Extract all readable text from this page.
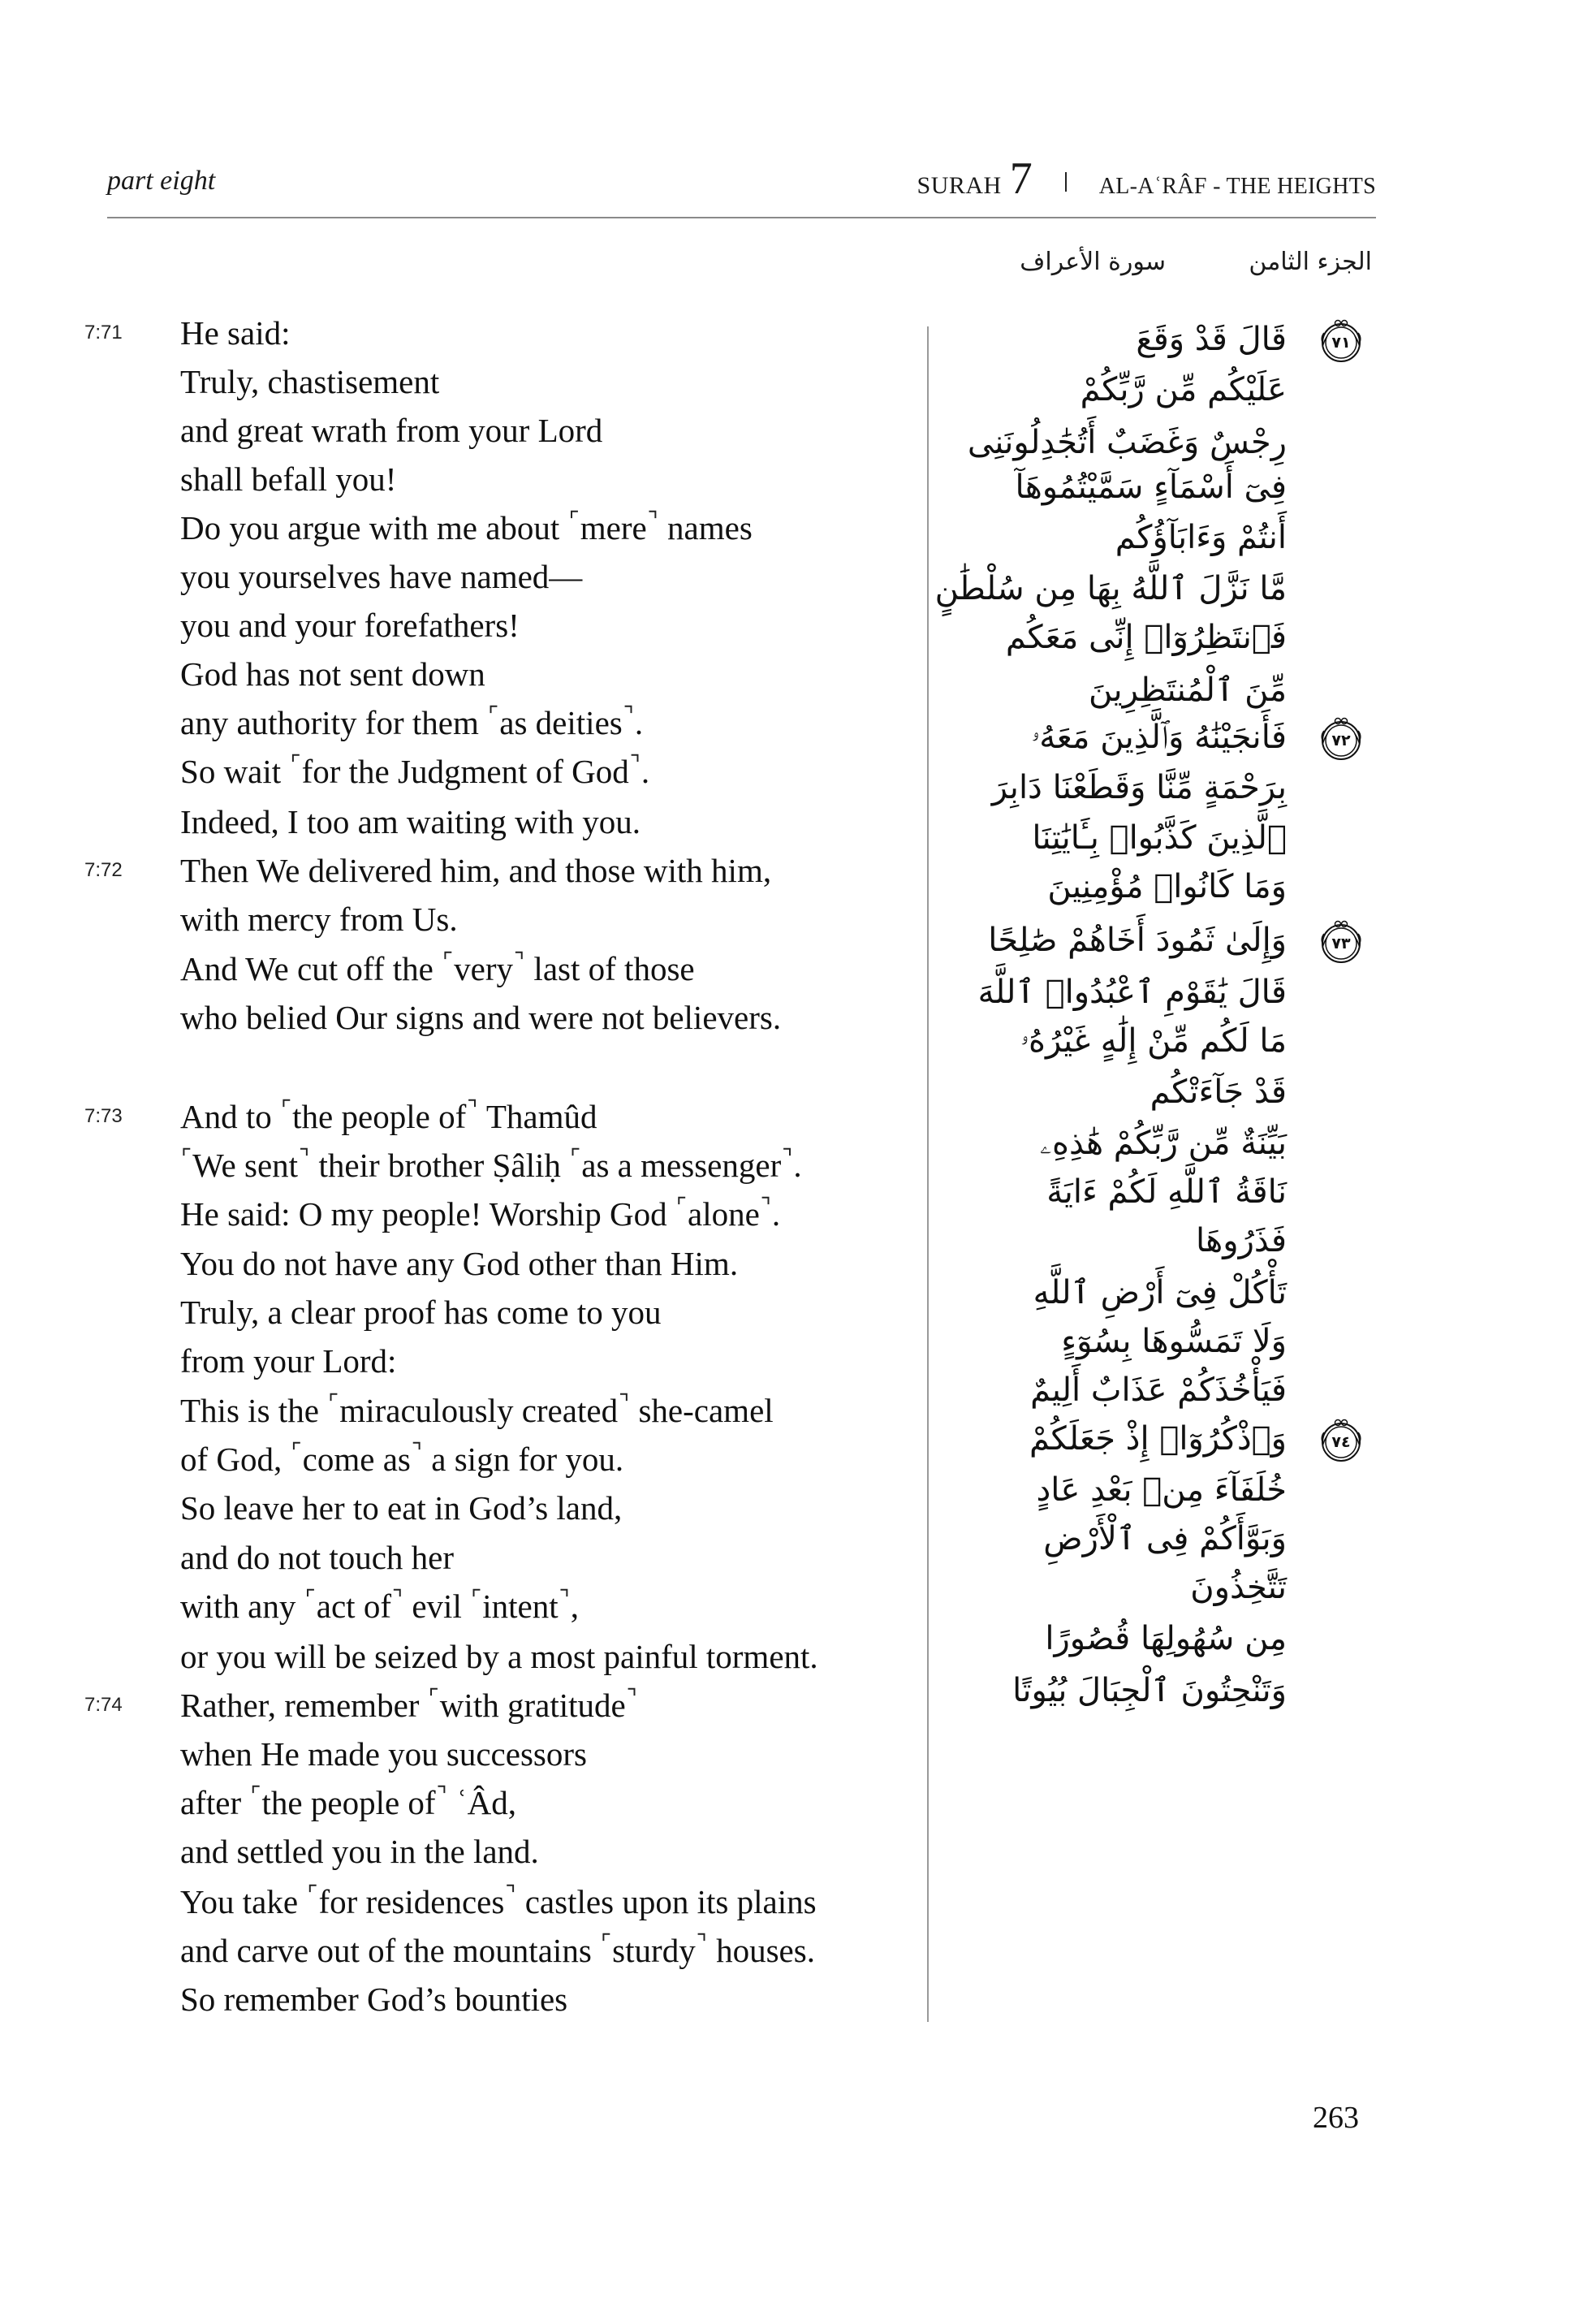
part eight	SURAH 7	AL-AʿRÂF - THE HEIGHTS
الجزء الثامن
سورة الأعراف
7:71 He said:
Truly, chastisement
and great wrath from your Lord
shall befall you!
Do you argue with me about ⌜mere⌝ names
you yourselves have named—
you and your forefathers!
God has not sent down
any authority for them ⌜as deities⌝.
So wait ⌜for the Judgment of God⌝.
Indeed, I too am waiting with you.
7:72 Then We delivered him, and those with him,
with mercy from Us.
And We cut off the ⌜very⌝ last of those
who belied Our signs and were not believers.
7:73 And to ⌜the people of⌝ Thamûd
⌜We sent⌝ their brother Ṣâliḥ ⌜as a messenger⌝.
He said: O my people! Worship God ⌜alone⌝.
You do not have any God other than Him.
Truly, a clear proof has come to you
from your Lord:
This is the ⌜miraculously created⌝ she-camel
of God, ⌜come as⌝ a sign for you.
So leave her to eat in God’s land,
and do not touch her
with any ⌜act of⌝ evil ⌜intent⌝,
or you will be seized by a most painful torment.
7:74 Rather, remember ⌜with gratitude⌝
when He made you successors
after ⌜the people of⌝ ʿÂd,
and settled you in the land.
You take ⌜for residences⌝ castles upon its plains
and carve out of the mountains ⌜sturdy⌝ houses.
So remember God’s bounties
قَالَ قَدْ وَقَعَ	٧١
عَلَيْكُم مِّن رَّبِّكُمْ
رِجْسٌ وَغَضَبٌ أَتُجَٰدِلُونَنِى
فِىٓ أَسْمَآءٍ سَمَّيْتُمُوهَآ
أَنتُمْ وَءَابَآؤُكُم
مَّا نَزَّلَ ٱللَّهُ بِهَا مِن سُلْطَٰنٍ
فَٱنتَظِرُوٓا۟ إِنِّى مَعَكُم
مِّنَ ٱلْمُنتَظِرِينَ
فَأَنجَيْنَٰهُ وَٱلَّذِينَ مَعَهُۥ	٧٢
بِرَحْمَةٍ مِّنَّا وَقَطَعْنَا دَابِرَ
ٱلَّذِينَ كَذَّبُوا۟ بِـَٔايَٰتِنَا
وَمَا كَانُوا۟ مُؤْمِنِينَ
وَإِلَىٰ ثَمُودَ أَخَاهُمْ صَٰلِحًا	٧٣
قَالَ يَٰقَوْمِ ٱعْبُدُوا۟ ٱللَّهَ
مَا لَكُم مِّنْ إِلَٰهٍ غَيْرُهُۥ
قَدْ جَآءَتْكُم
بَيِّنَةٌ مِّن رَّبِّكُمْ هَٰذِهِۦ
نَاقَةُ ٱللَّهِ لَكُمْ ءَايَةً
فَذَرُوهَا
تَأْكُلْ فِىٓ أَرْضِ ٱللَّهِ
وَلَا تَمَسُّوهَا بِسُوٓءٍ
فَيَأْخُذَكُمْ عَذَابٌ أَلِيمٌ
وَٱذْكُرُوٓا۟ إِذْ جَعَلَكُمْ	٧٤
خُلَفَآءَ مِنۢ بَعْدِ عَادٍ
وَبَوَّأَكُمْ فِى ٱلْأَرْضِ
تَتَّخِذُونَ
مِن سُهُولِهَا قُصُورًا
وَتَنْحِتُونَ ٱلْجِبَالَ بُيُوتًا
263
